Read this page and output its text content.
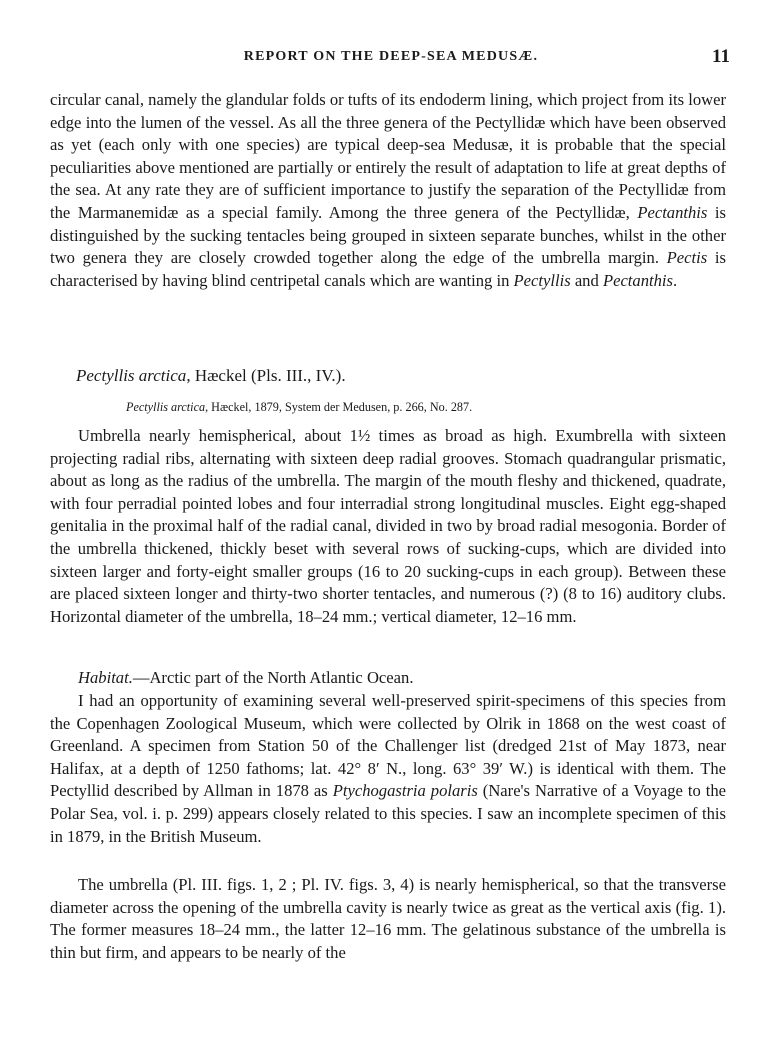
REPORT ON THE DEEP-SEA MEDUSÆ.	11

circular canal, namely the glandular folds or tufts of its endoderm lining, which project from its lower edge into the lumen of the vessel. As all the three genera of the Pectyllidæ which have been observed as yet (each only with one species) are typical deep-sea Medusæ, it is probable that the special peculiarities above mentioned are partially or entirely the result of adaptation to life at great depths of the sea. At any rate they are of sufficient importance to justify the separation of the Pectyllidæ from the Marmanemidæ as a special family. Among the three genera of the Pectyllidæ, Pectanthis is distinguished by the sucking tentacles being grouped in sixteen separate bunches, whilst in the other two genera they are closely crowded together along the edge of the umbrella margin. Pectis is characterised by having blind centripetal canals which are wanting in Pectyllis and Pectanthis.

Pectyllis arctica, Hæckel (Pls. III., IV.).
Pectyllis arctica, Hæckel, 1879, System der Medusen, p. 266, No. 287.

Umbrella nearly hemispherical, about 1½ times as broad as high. Exumbrella with sixteen projecting radial ribs, alternating with sixteen deep radial grooves. Stomach quadrangular prismatic, about as long as the radius of the umbrella. The margin of the mouth fleshy and thickened, quadrate, with four perradial pointed lobes and four interradial strong longitudinal muscles. Eight egg-shaped genitalia in the proximal half of the radial canal, divided in two by broad radial mesogonia. Border of the umbrella thickened, thickly beset with several rows of sucking-cups, which are divided into sixteen larger and forty-eight smaller groups (16 to 20 sucking-cups in each group). Between these are placed sixteen longer and thirty-two shorter tentacles, and numerous (?) (8 to 16) auditory clubs. Horizontal diameter of the umbrella, 18–24 mm.; vertical diameter, 12–16 mm.

Habitat.—Arctic part of the North Atlantic Ocean.

I had an opportunity of examining several well-preserved spirit-specimens of this species from the Copenhagen Zoological Museum, which were collected by Olrik in 1868 on the west coast of Greenland. A specimen from Station 50 of the Challenger list (dredged 21st of May 1873, near Halifax, at a depth of 1250 fathoms; lat. 42° 8′ N., long. 63° 39′ W.) is identical with them. The Pectyllid described by Allman in 1878 as Ptychogastria polaris (Nare's Narrative of a Voyage to the Polar Sea, vol. i. p. 299) appears closely related to this species. I saw an incomplete specimen of this in 1879, in the British Museum.

The umbrella (Pl. III. figs. 1, 2 ; Pl. IV. figs. 3, 4) is nearly hemispherical, so that the transverse diameter across the opening of the umbrella cavity is nearly twice as great as the vertical axis (fig. 1). The former measures 18–24 mm., the latter 12–16 mm. The gelatinous substance of the umbrella is thin but firm, and appears to be nearly of the
